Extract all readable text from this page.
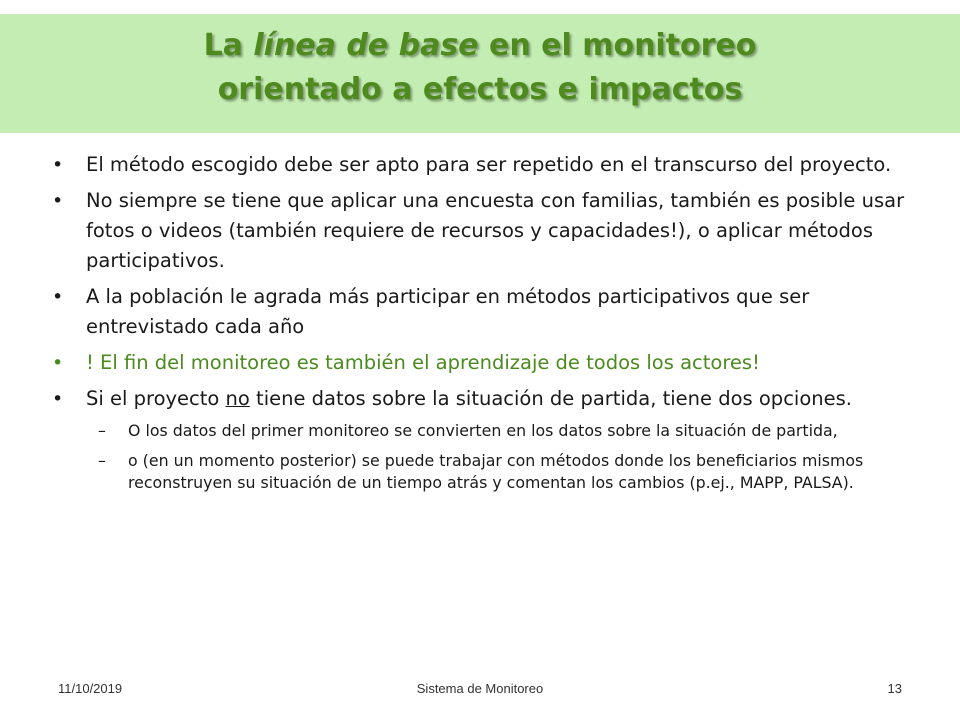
La línea de base en el monitoreo
orientado a efectos e impactos
• El método escogido debe ser apto para ser repetido en el transcurso del proyecto.
• No siempre se tiene que aplicar una encuesta con familias, también es posible usar fotos o videos (también requiere de recursos y capacidades!), o aplicar métodos participativos.
• A la población le agrada más participar en métodos participativos que ser entrevistado cada año
• ! El fin del monitoreo es también el aprendizaje de todos los actores!
• Si el proyecto no tiene datos sobre la situación de partida, tiene dos opciones.
– O los datos del primer monitoreo se convierten en los datos sobre la situación de partida,
– o (en un momento posterior) se puede trabajar con métodos donde los beneficiarios mismos reconstruyen su situación de un tiempo atrás y comentan los cambios (p.ej., MAPP, PALSA).
11/10/2019	Sistema de Monitoreo	13
